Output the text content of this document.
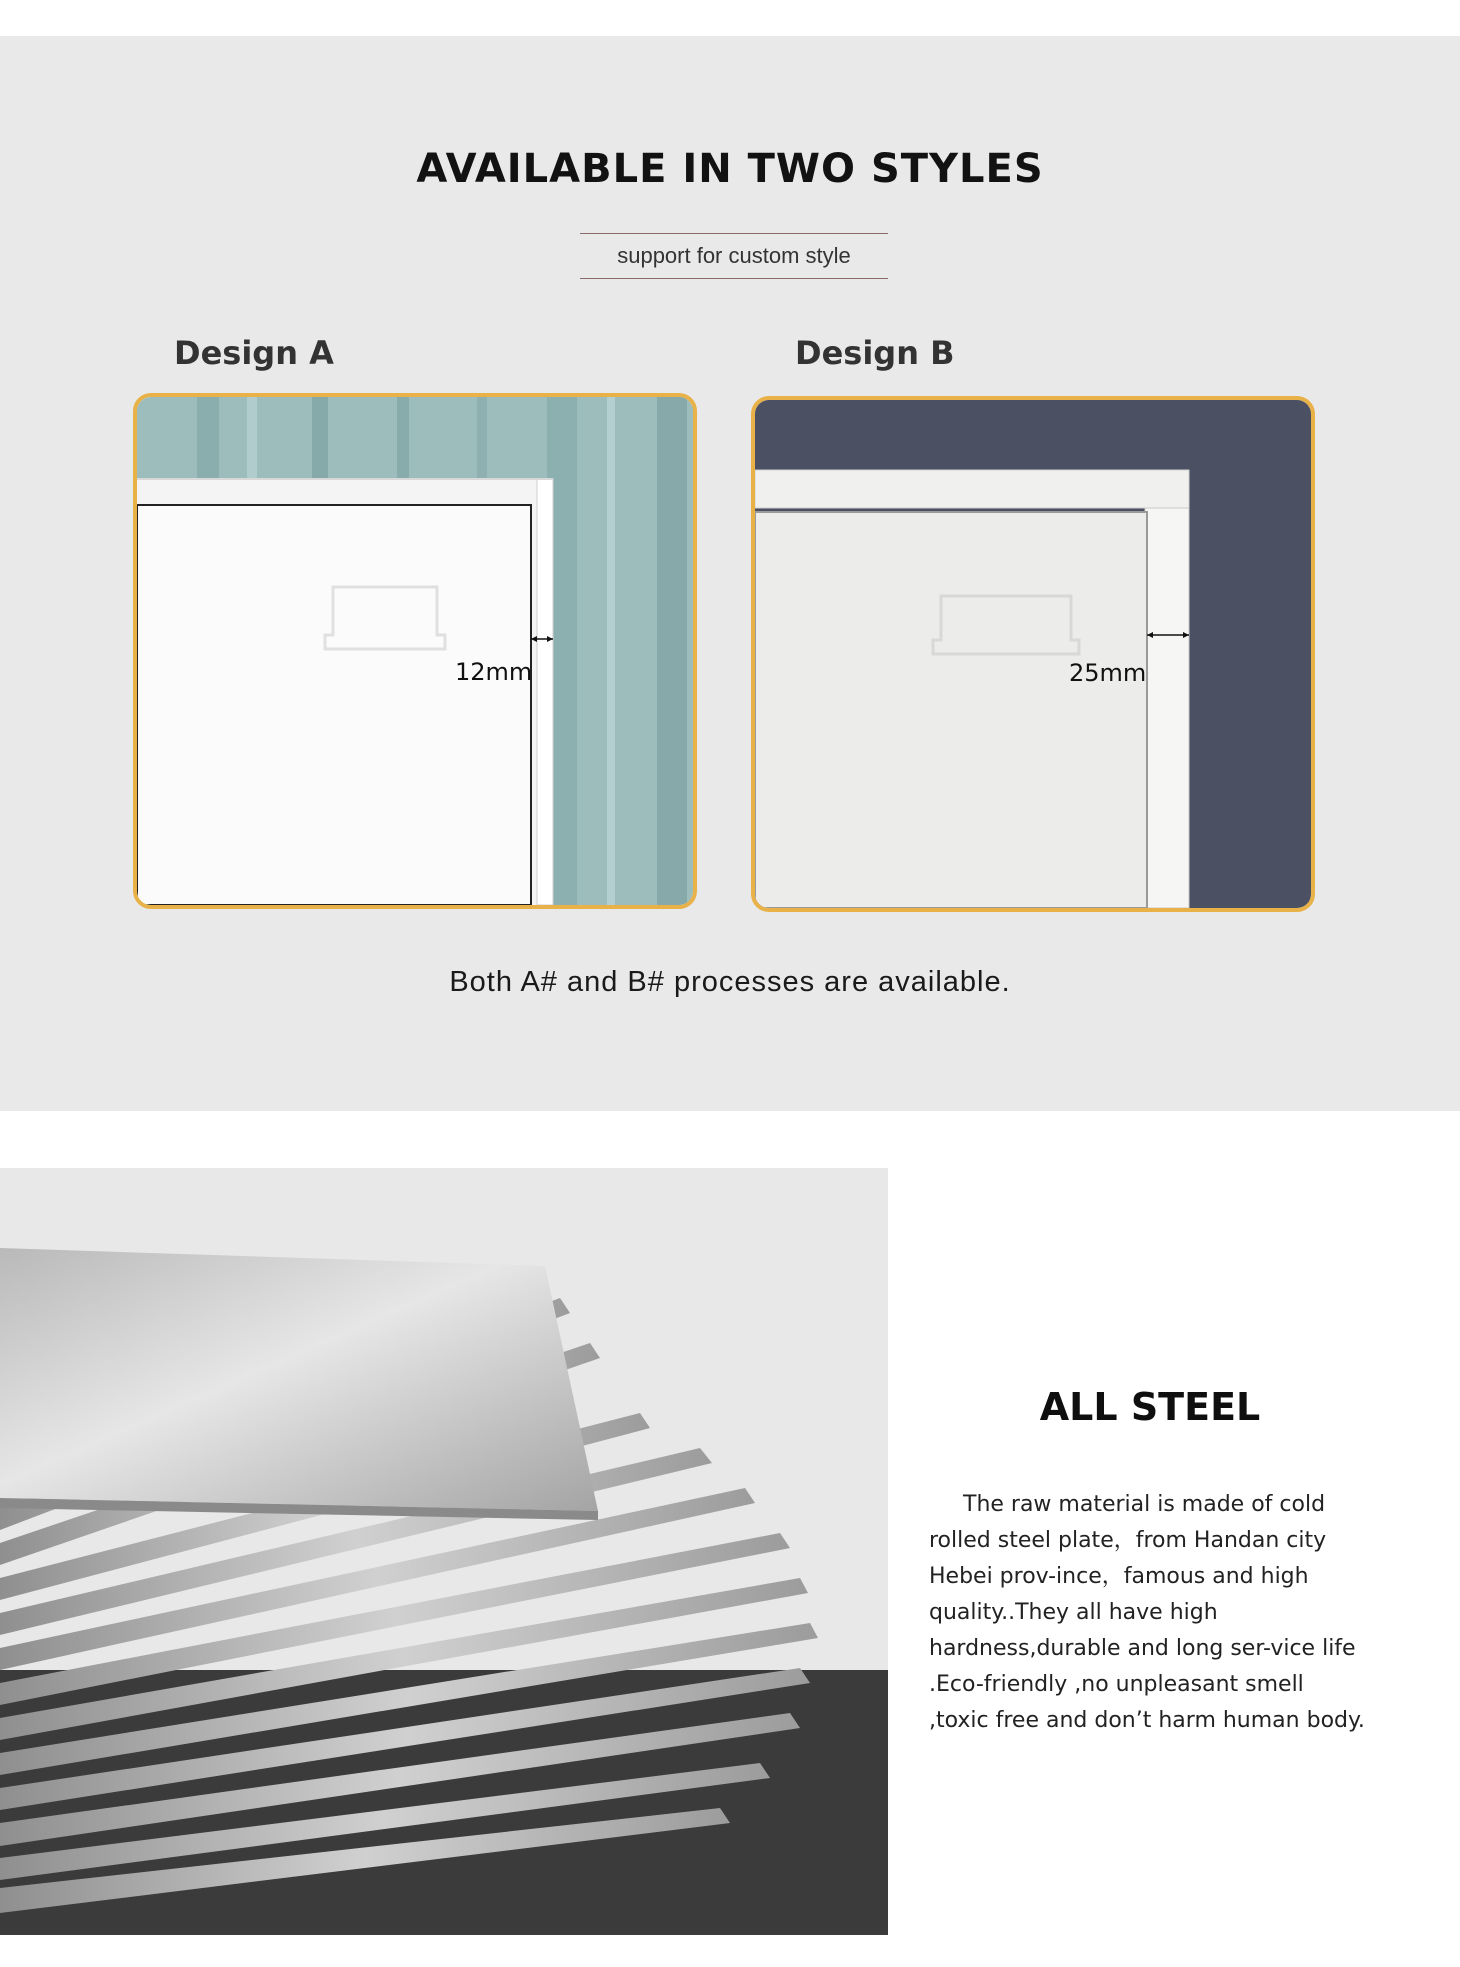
AVAILABLE IN TWO STYLES
support for custom style
Design A
12mm
Design B
25mm
Both A# and B# processes are available.
ALL STEEL

The raw material is made of cold rolled steel plate，from Handan city Hebei prov-ince，famous and high quality..They all have high hardness,durable and long ser-vice life .Eco-friendly ,no unpleasant smell ,toxic free and don’t harm human body.
